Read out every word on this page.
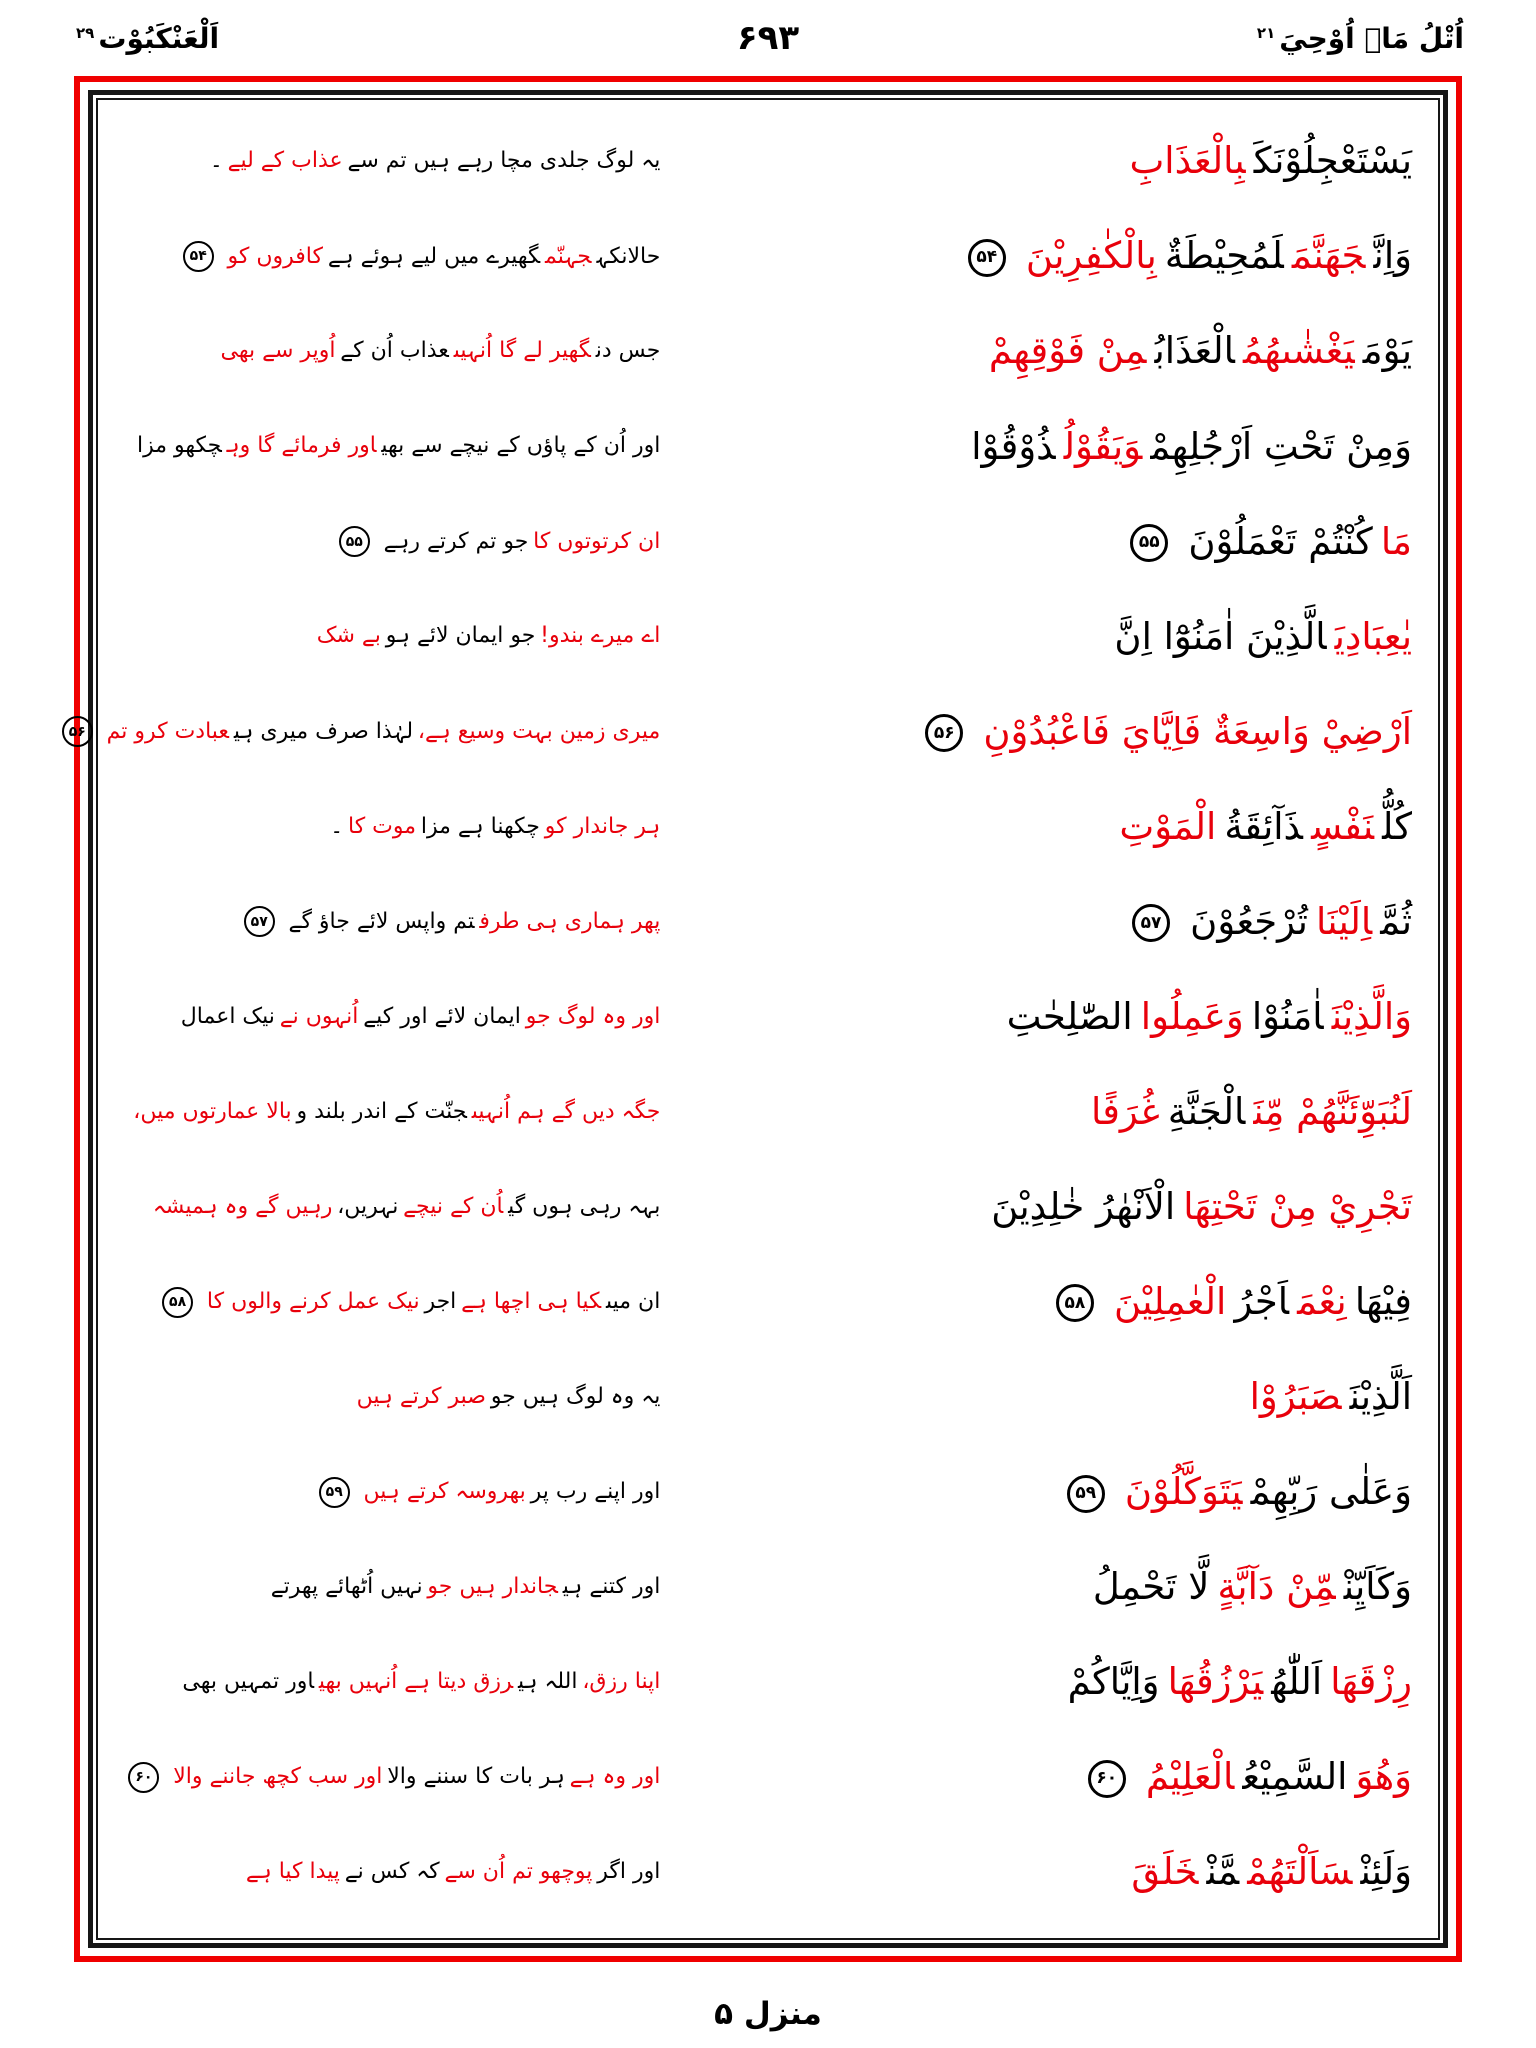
اَلْعَنْكَبُوْت$^{۲۹}$	۶۹۳	اُتْلُ مَاۤ اُوْحِيَ$^{۲۱}$
يَسْتَعْجِلُوْنَكَبِالْعَذَابِ
یہ لوگ جلدی مچا رہے ہیں تم سےعذاب کے لیے۔
وَاِنَّجَهَنَّمَلَمُحِيْطَةٌبِالْكٰفِرِيْنَ۵۴
حالانکہجہنّمگھیرے میں لیے ہوئے ہےکافروں کو۵۴
يَوْمَيَغْشٰىهُمُالْعَذَابُمِنْ فَوْقِهِمْ
جس دنگھیر لے گا اُنہیںعذاب اُن کےاُوپر سے بھی
وَمِنْ تَحْتِ اَرْجُلِهِمْوَيَقُوْلُذُوْقُوْا
اور اُن کے پاؤں کے نیچے سے بھیاور فرمائے گا وہچکھو مزا
مَاكُنْتُمْ تَعْمَلُوْنَ۵۵
ان کرتوتوں کاجو تم کرتے رہے۵۵
يٰعِبَادِيَالَّذِيْنَ اٰمَنُوْٓا اِنَّ
اے میرے بندو!جو ایمان لائے ہوبے شک
اَرْضِيْ وَاسِعَةٌ فَاِيَّايَ فَاعْبُدُوْنِ۵۶
میری زمین بہت وسیع ہے،لہٰذا صرف میری ہیعبادت کرو تم۵۶
كُلُّنَفْسٍذَآئِقَةُالْمَوْتِ
ہر جاندار کوچکھنا ہے مزاموت کا۔
ثُمَّاِلَيْنَاتُرْجَعُوْنَ۵۷
پھر ہماری ہی طرفتم واپس لائے جاؤ گے۵۷
وَالَّذِيْنَاٰمَنُوْاوَعَمِلُواالصّٰلِحٰتِ
اور وہ لوگ جوایمان لائے اور کیےاُنہوں نےنیک اعمال
لَنُبَوِّئَنَّهُمْ مِّنَالْجَنَّةِغُرَفًا
جگہ دیں گے ہم اُنہیںجنّت کے اندر بلند وبالا عمارتوں میں،
تَجْرِيْ مِنْ تَحْتِهَاالْاَنْهٰرُ خٰلِدِيْنَ
بہہ رہی ہوں گیاُن کے نیچےنہریں،رہیں گے وہ ہمیشہ
فِيْهَانِعْمَاَجْرُالْعٰمِلِيْنَ۵۸
ان میںکیا ہی اچھا ہےاجرنیک عمل کرنے والوں کا۵۸
اَلَّذِيْنَصَبَرُوْا
یہ وہ لوگ ہیں جوصبر کرتے ہیں
وَعَلٰى رَبِّهِمْيَتَوَكَّلُوْنَ۵۹
اور اپنے رب پربھروسہ کرتے ہیں۵۹
وَكَاَيِّنْمِّنْ دَآبَّةٍلَّا تَحْمِلُ
اور کتنے ہیجاندار ہیں جونہیں اُٹھائے پھرتے
رِزْقَهَااَللّٰهُيَرْزُقُهَاوَاِيَّاكُمْ
اپنا رزق،اللہ ہیرزق دیتا ہے اُنہیں بھیاور تمہیں بھی
وَهُوَالسَّمِيْعُالْعَلِيْمُ۶۰
اور وہ ہےہر بات کا سننے والااور سب کچھ جاننے والا۶۰
وَلَئِنْسَاَلْتَهُمْمَّنْخَلَقَ
اور اگرپوچھو تم اُن سےکہ کس نےپیدا کیا ہے
منزل ۵
